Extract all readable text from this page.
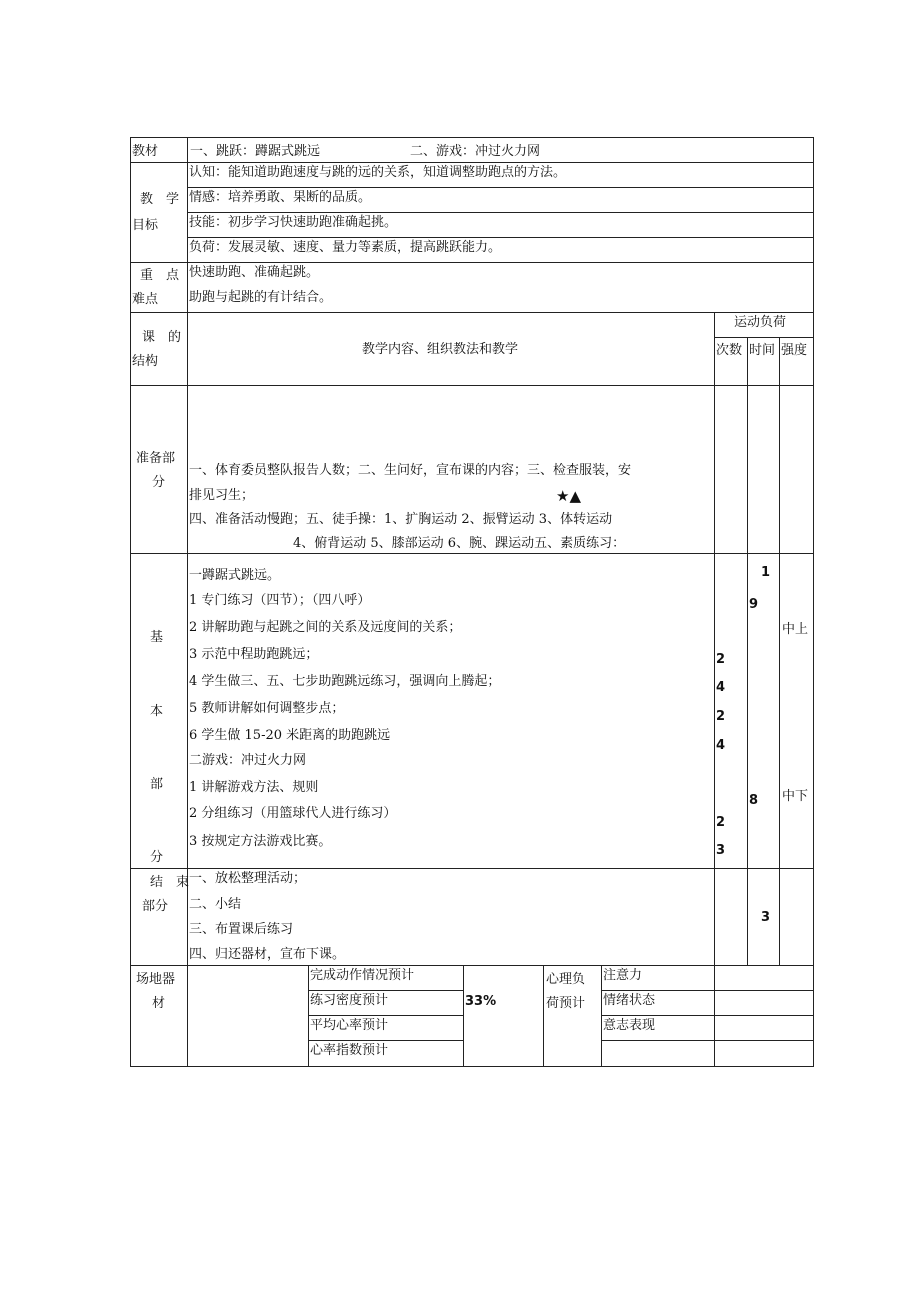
教材 一、跳跃：蹲踞式跳远	二、游戏：冲过火力网
教　学
目标
认知：能知道助跑速度与跳的远的关系，知道调整助跑点的方法。
情感：培养勇敢、果断的品质。
技能：初步学习快速助跑准确起挑。
负荷：发展灵敏、速度、量力等素质，提高跳跃能力。
重　点
难点
快速助跑、准确起跳。
助跑与起跳的有计结合。
课　的
结构
教学内容、组织教法和教学
运动负荷
次数 时间 强度
准备部
分
一、体育委员整队报告人数；二、生问好，宣布课的内容；三、检查服装，安
排见习生；	★▲
四、准备活动慢跑；五、徒手操：1、扩胸运动 2、振臂运动 3、体转运动
4、俯背运动 5、膝部运动 6、腕、踝运动五、素质练习：
基
本
部
分
一蹲踞式跳远。
1 专门练习（四节）；（四八呼）
2 讲解助跑与起跳之间的关系及远度间的关系；
3 示范中程助跑跳远；
4 学生做三、五、七步助跑跳远练习，强调向上腾起；
5 教师讲解如何调整步点；
6 学生做 15-20 米距离的助跑跳远
二游戏：冲过火力网
1 讲解游戏方法、规则
2 分组练习（用篮球代人进行练习）
3 按规定方法游戏比赛。
2
4
2
4
2
3
1
9
8
中上
中下
结　束
部分
一、放松整理活动；
二、小结
三、布置课后练习
四、归还器材，宣布下课。
3
场地器
材
完成动作情况预计
练习密度预计
平均心率预计
心率指数预计
33%
心理负
荷预计
注意力
情绪状态
意志表现
